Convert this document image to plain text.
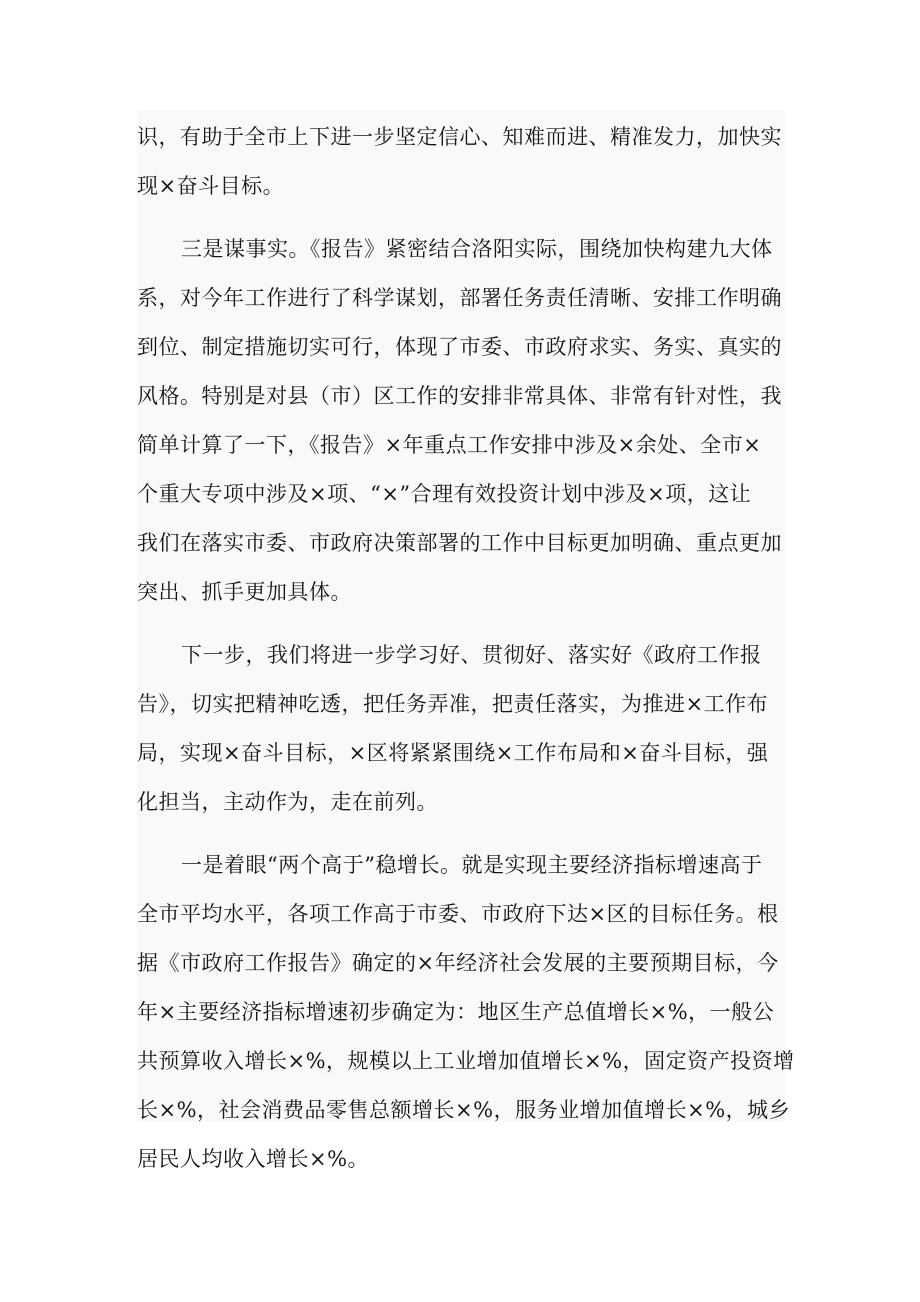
识，有助于全市上下进一步坚定信心、知难而进、精准发力，加快实
现×奋斗目标。
三是谋事实。《报告》紧密结合洛阳实际，围绕加快构建九大体
系，对今年工作进行了科学谋划，部署任务责任清晰、安排工作明确
到位、制定措施切实可行，体现了市委、市政府求实、务实、真实的
风格。特别是对县（市）区工作的安排非常具体、非常有针对性，我
简单计算了一下，《报告》×年重点工作安排中涉及×余处、全市×
个重大专项中涉及×项、“×”合理有效投资计划中涉及×项，这让
我们在落实市委、市政府决策部署的工作中目标更加明确、重点更加
突出、抓手更加具体。
下一步，我们将进一步学习好、贯彻好、落实好《政府工作报
告》，切实把精神吃透，把任务弄准，把责任落实，为推进×工作布
局，实现×奋斗目标，×区将紧紧围绕×工作布局和×奋斗目标，强
化担当，主动作为，走在前列。
一是着眼“两个高于”稳增长。就是实现主要经济指标增速高于
全市平均水平，各项工作高于市委、市政府下达×区的目标任务。根
据《市政府工作报告》确定的×年经济社会发展的主要预期目标，今
年×主要经济指标增速初步确定为：地区生产总值增长×%，一般公
共预算收入增长×%，规模以上工业增加值增长×%，固定资产投资增
长×%，社会消费品零售总额增长×%，服务业增加值增长×%，城乡
居民人均收入增长×%。
